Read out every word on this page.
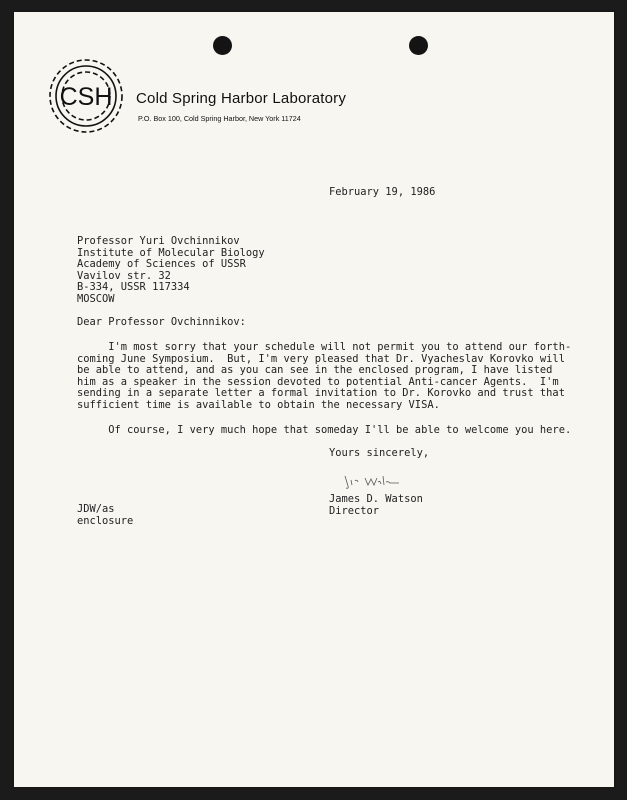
CSH Cold Spring Harbor Laboratory
P.O. Box 100, Cold Spring Harbor, New York 11724
February 19, 1986
Professor Yuri Ovchinnikov
Institute of Molecular Biology
Academy of Sciences of USSR
Vavilov str. 32
B-334, USSR 117334
MOSCOW
Dear Professor Ovchinnikov:
I'm most sorry that your schedule will not permit you to attend our forth-
coming June Symposium.  But, I'm very pleased that Dr. Vyacheslav Korovko will
be able to attend, and as you can see in the enclosed program, I have listed
him as a speaker in the session devoted to potential Anti-cancer Agents.  I'm
sending in a separate letter a formal invitation to Dr. Korovko and trust that
sufficient time is available to obtain the necessary VISA.
Of course, I very much hope that someday I'll be able to welcome you here.
Yours sincerely,
James D. Watson
Director
JDW/as
enclosure
